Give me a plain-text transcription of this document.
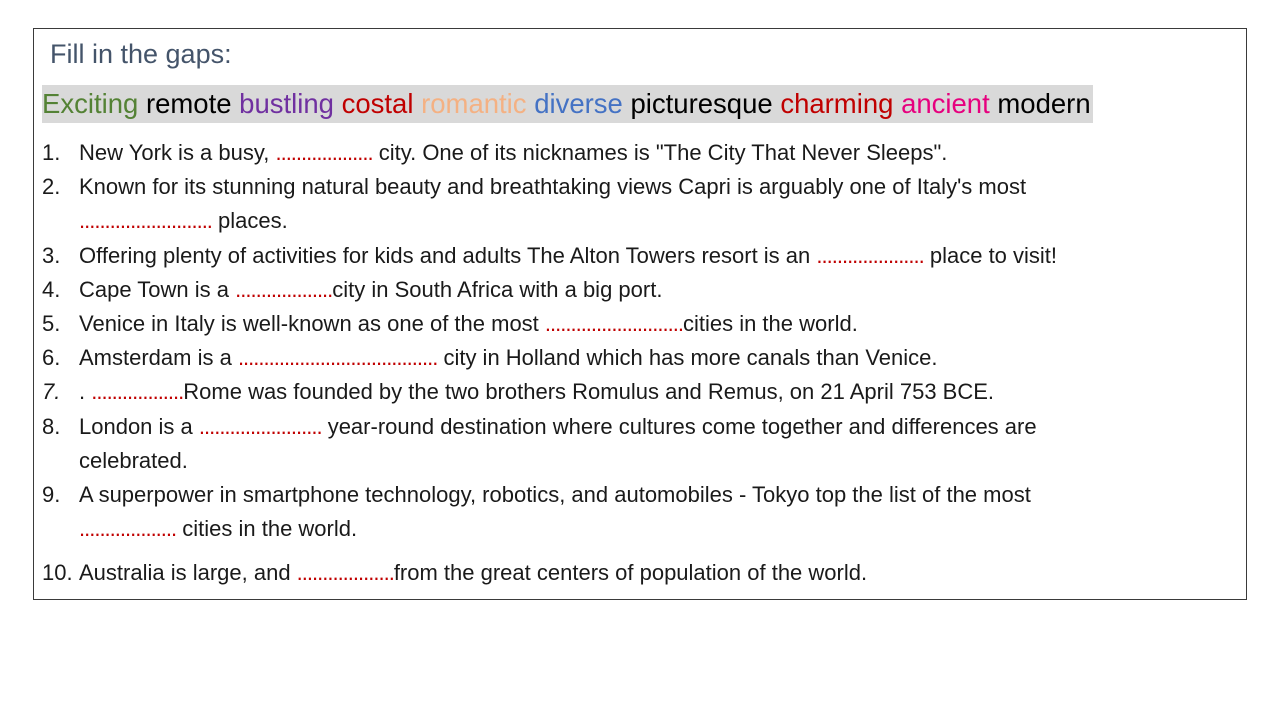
Fill in the gaps:
Exciting remote bustling costal romantic diverse picturesque charming ancient modern
1. New York is a busy, ................... city. One of its nicknames is "The City That Never Sleeps".
2. Known for its stunning natural beauty and breathtaking views Capri is arguably one of Italy's most
.......................... places.
3. Offering plenty of activities for kids and adults The Alton Towers resort is an ..................... place to visit!
4. Cape Town is a ...................city in South Africa with a big port.
5. Venice in Italy is well-known as one of the most ...........................cities in the world.
6. Amsterdam is a ....................................... city in Holland which has more canals than Venice.
7. . ..................Rome was founded by the two brothers Romulus and Remus, on 21 April 753 BCE.
8. London is a ........................ year-round destination where cultures come together and differences are
celebrated.
9. A superpower in smartphone technology, robotics, and automobiles - Tokyo top the list of the most
................... cities in the world.
10. Australia is large, and ...................from the great centers of population of the world.
